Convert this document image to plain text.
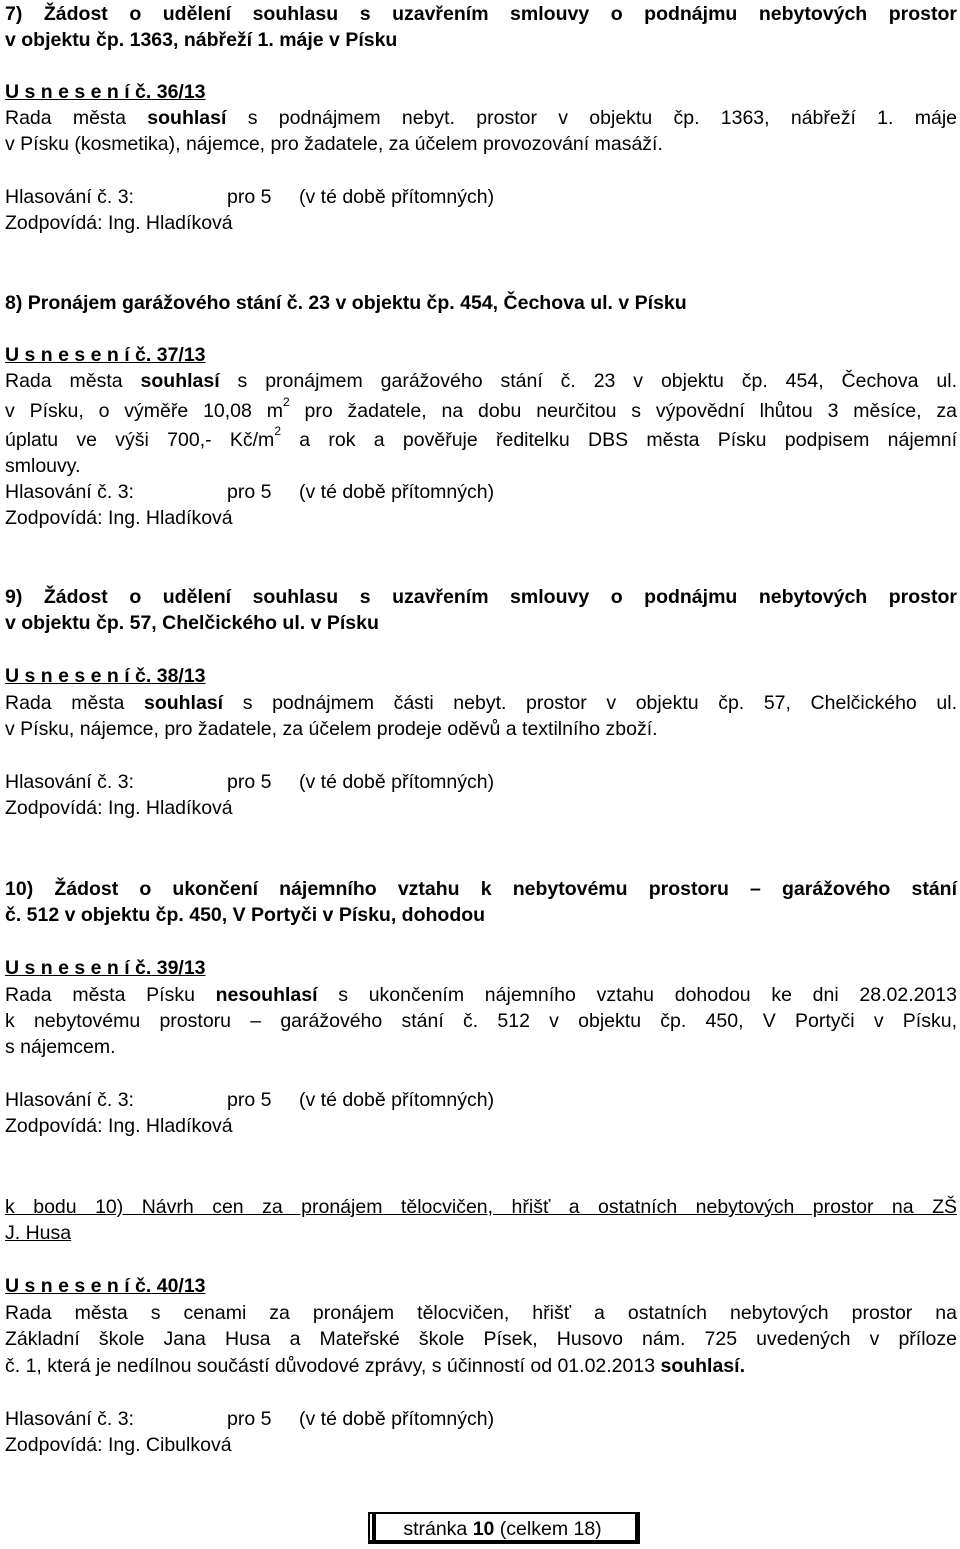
7) Žádost o udělení souhlasu s uzavřením smlouvy o podnájmu nebytových prostor
v objektu čp. 1363, nábřeží 1. máje v Písku
U s n e s e n í č. 36/13
Rada města souhlasí s podnájmem nebyt. prostor v objektu čp. 1363, nábřeží 1. máje
v Písku (kosmetika), nájemce, pro žadatele, za účelem provozování masáží.
Hlasování č. 3:	pro 5 (v té době přítomných)
Zodpovídá: Ing. Hladíková
8) Pronájem garážového stání č. 23 v objektu čp. 454, Čechova ul. v Písku
U s n e s e n í č. 37/13
Rada města souhlasí s pronájmem garážového stání č. 23 v objektu čp. 454, Čechova ul.
v Písku, o výměře 10,08 $m^2$ pro žadatele, na dobu neurčitou s výpovědní lhůtou 3 měsíce, za
úplatu ve výši 700,- $Kč/m^2$ a rok a pověřuje ředitelku DBS města Písku podpisem nájemní
smlouvy.
Hlasování č. 3:	pro 5 (v té době přítomných)
Zodpovídá: Ing. Hladíková
9) Žádost o udělení souhlasu s uzavřením smlouvy o podnájmu nebytových prostor
v objektu čp. 57, Chelčického ul. v Písku
U s n e s e n í č. 38/13
Rada města souhlasí s podnájmem části nebyt. prostor v objektu čp. 57, Chelčického ul.
v Písku, nájemce, pro žadatele, za účelem prodeje oděvů a textilního zboží.
Hlasování č. 3:	pro 5 (v té době přítomných)
Zodpovídá: Ing. Hladíková
10) Žádost o ukončení nájemního vztahu k nebytovému prostoru – garážového stání
č. 512 v objektu čp. 450, V Portyči v Písku, dohodou
U s n e s e n í č. 39/13
Rada města Písku nesouhlasí s ukončením nájemního vztahu dohodou ke dni 28.02.2013
k nebytovému prostoru – garážového stání č. 512 v objektu čp. 450, V Portyči v Písku,
s nájemcem.
Hlasování č. 3:	pro 5 (v té době přítomných)
Zodpovídá: Ing. Hladíková
k bodu 10) Návrh cen za pronájem tělocvičen, hřišť a ostatních nebytových prostor na ZŠ
J. Husa
U s n e s e n í č. 40/13
Rada města s cenami za pronájem tělocvičen, hřišť a ostatních nebytových prostor na
Základní škole Jana Husa a Mateřské škole Písek, Husovo nám. 725 uvedených v příloze
č. 1, která je nedílnou součástí důvodové zprávy, s účinností od 01.02.2013 souhlasí.
Hlasování č. 3:	pro 5 (v té době přítomných)
Zodpovídá: Ing. Cibulková
stránka 10 (celkem 18)
